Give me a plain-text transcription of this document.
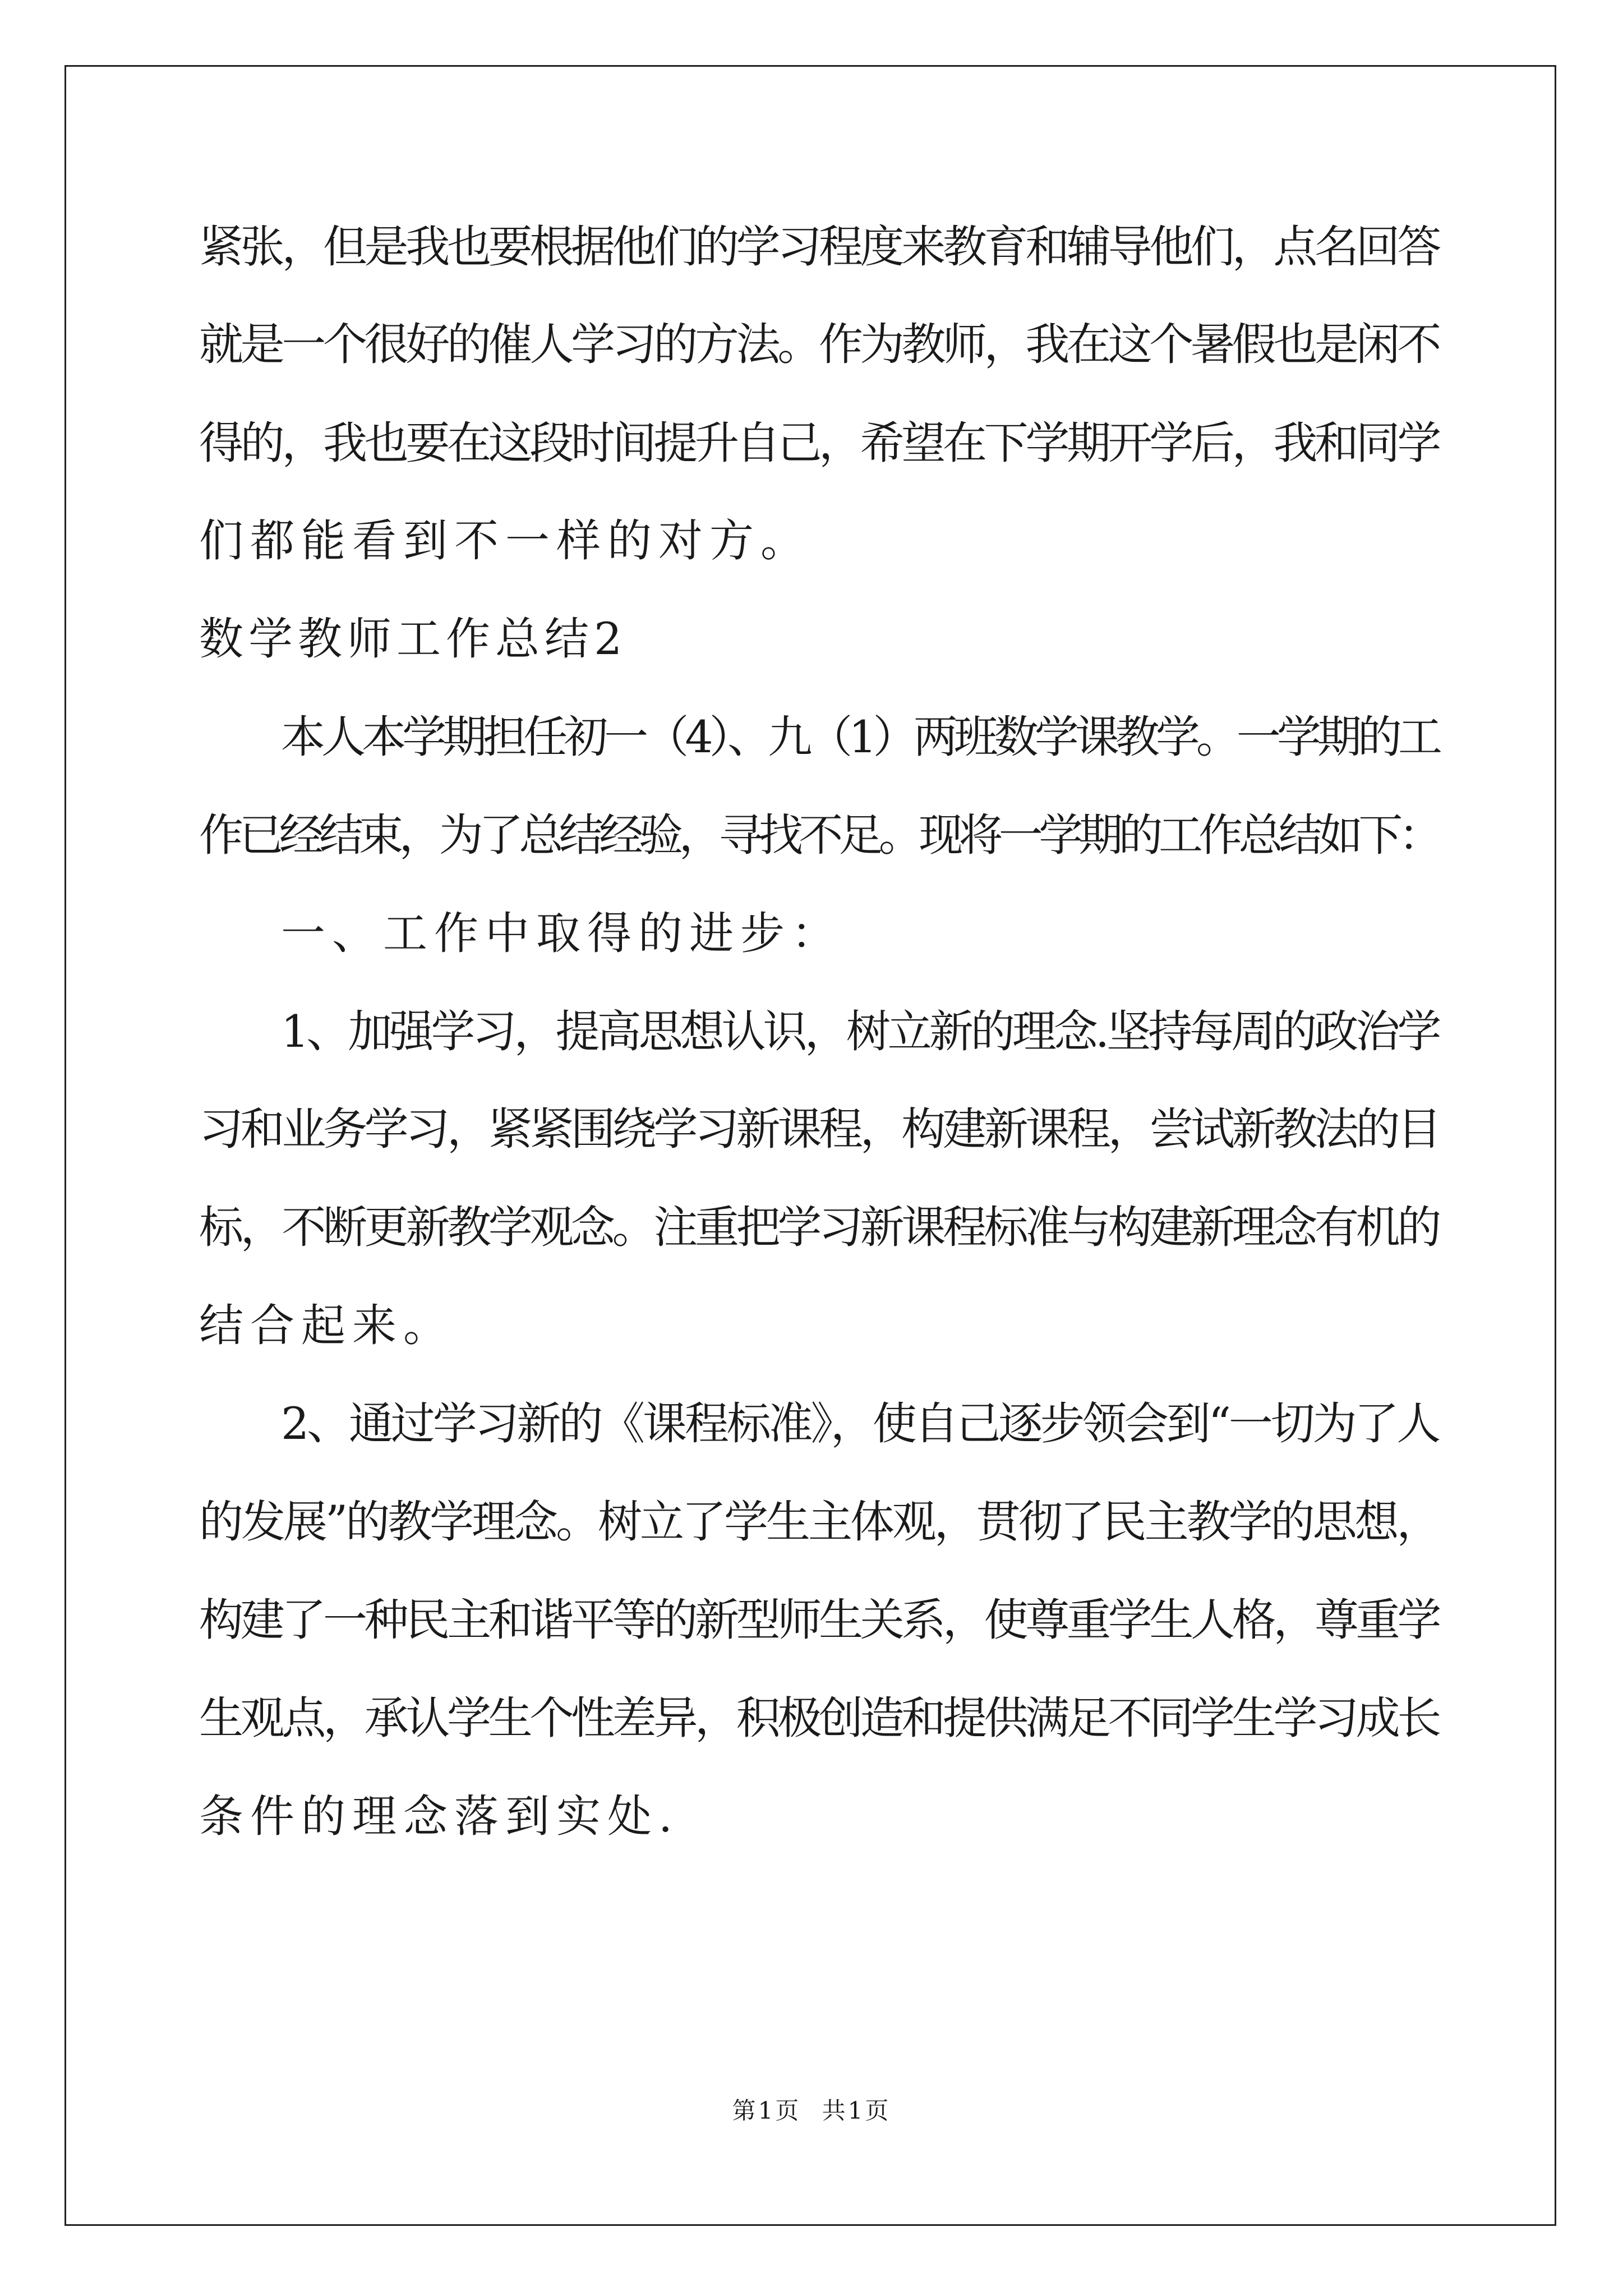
紧张，但是我也要根据他们的学习程度来教育和辅导他们，点名回答
就是一个很好的催人学习的方法。作为教师，我在这个暑假也是闲不
得的，我也要在这段时间提升自己，希望在下学期开学后，我和同学
们都能看到不一样的对方。
数学教师工作总结2
本人本学期担任初一（4）、九（1）两班数学课教学。一学期的工
作已经结束，为了总结经验，寻找不足。现将一学期的工作总结如下：
一、工作中取得的进步：
1、加强学习，提高思想认识，树立新的理念.坚持每周的政治学
习和业务学习，紧紧围绕学习新课程，构建新课程，尝试新教法的目
标，不断更新教学观念。注重把学习新课程标准与构建新理念有机的
结合起来。
2、通过学习新的《课程标准》，使自己逐步领会到“一切为了人
的发展”的教学理念。树立了学生主体观，贯彻了民主教学的思想，
构建了一种民主和谐平等的新型师生关系，使尊重学生人格，尊重学
生观点，承认学生个性差异，积极创造和提供满足不同学生学习成长
条件的理念落到实处.
第1页 共1页
